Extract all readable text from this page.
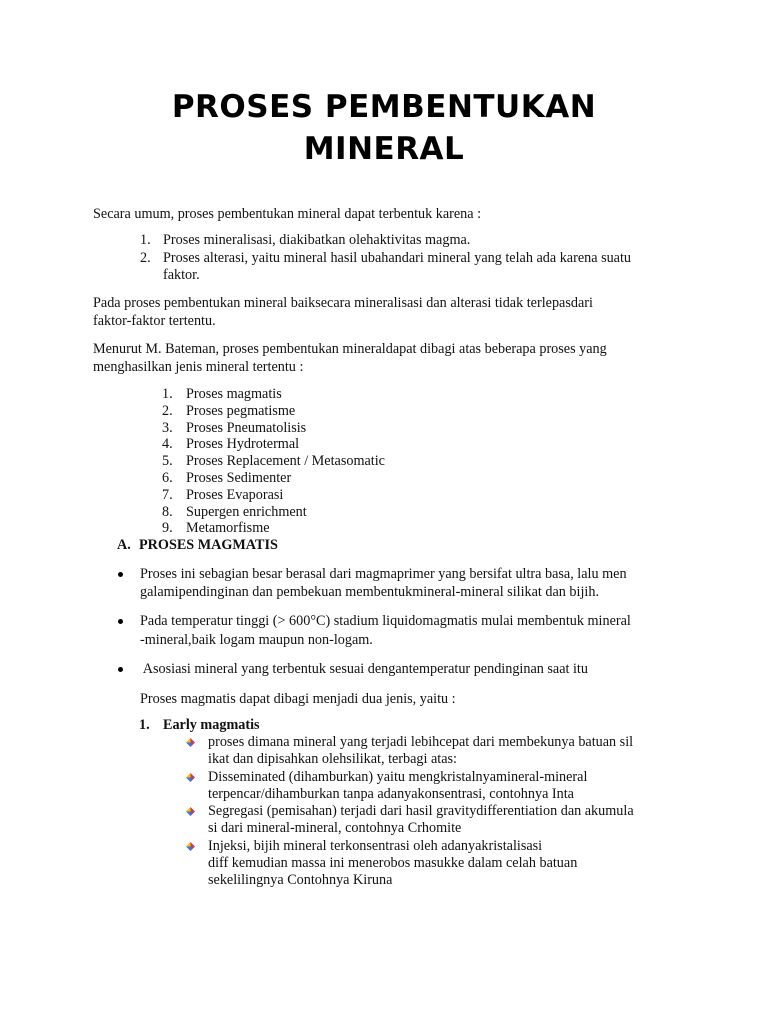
PROSES PEMBENTUKAN
MINERAL

Secara umum, proses pembentukan mineral dapat terbentuk karena :

1. Proses mineralisasi, diakibatkan olehaktivitas magma.
2. Proses alterasi, yaitu mineral hasil ubahandari mineral yang telah ada karena suatu
faktor.
Pada proses pembentukan mineral baiksecara mineralisasi dan alterasi tidak terlepasdari
faktor-faktor tertentu.
Menurut M. Bateman, proses pembentukan mineraldapat dibagi atas beberapa proses yang
menghasilkan jenis mineral tertentu :
1. Proses magmatis
2. Proses pegmatisme
3. Proses Pneumatolisis
4. Proses Hydrotermal
5. Proses Replacement / Metasomatic
6. Proses Sedimenter
7. Proses Evaporasi
8. Supergen enrichment
9. Metamorfisme
A. PROSES MAGMATIS
Proses ini sebagian besar berasal dari magmaprimer yang bersifat ultra basa, lalu men
galamipendinginan dan pembekuan membentukmineral-mineral silikat dan bijih.
Pada temperatur tinggi (> 600°C) stadium liquidomagmatis mulai membentuk mineral
-mineral,baik logam maupun non-logam.
Asosiasi mineral yang terbentuk sesuai dengantemperatur pendinginan saat itu

Proses magmatis dapat dibagi menjadi dua jenis, yaitu :

1. Early magmatis
proses dimana mineral yang terjadi lebihcepat dari membekunya batuan sil
ikat dan dipisahkan olehsilikat, terbagi atas:
Disseminated (dihamburkan) yaitu mengkristalnyamineral-mineral
terpencar/dihamburkan tanpa adanyakonsentrasi, contohnya Inta
Segregasi (pemisahan) terjadi dari hasil gravitydifferentiation dan akumula
si dari mineral-mineral, contohnya Crhomite
Injeksi, bijih mineral terkonsentrasi oleh adanyakristalisasi
diff kemudian massa ini menerobos masukke dalam celah batuan
sekelilingnya Contohnya Kiruna
